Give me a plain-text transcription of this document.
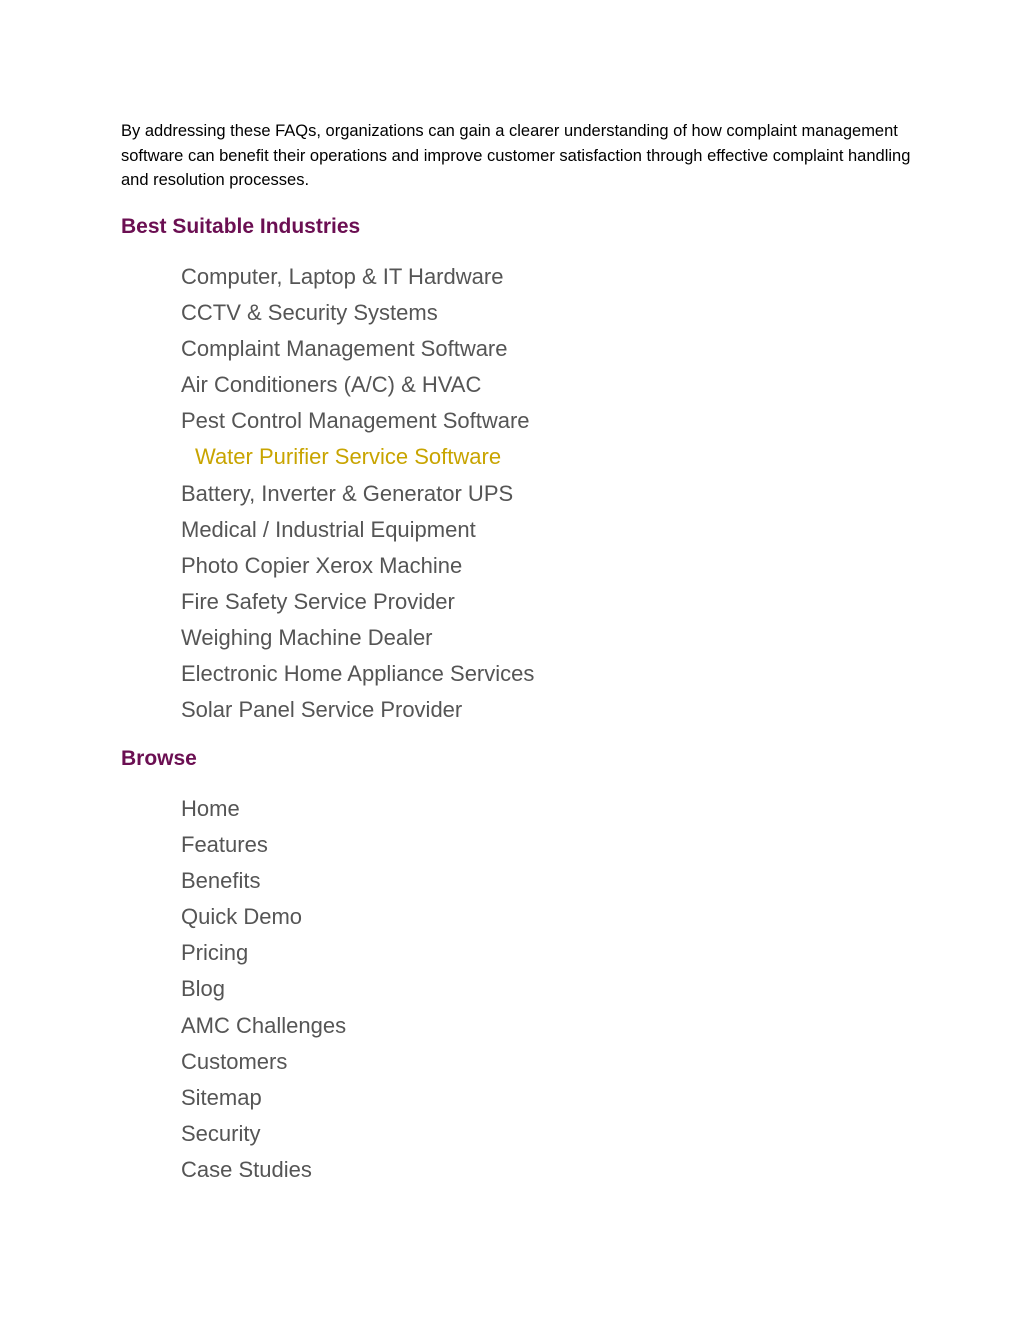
By addressing these FAQs, organizations can gain a clearer understanding of how complaint management software can benefit their operations and improve customer satisfaction through effective complaint handling and resolution processes.

Best Suitable Industries
Computer, Laptop & IT Hardware
CCTV & Security Systems
Complaint Management Software
Air Conditioners (A/C) & HVAC
Pest Control Management Software
Water Purifier Service Software
Battery, Inverter & Generator UPS
Medical / Industrial Equipment
Photo Copier Xerox Machine
Fire Safety Service Provider
Weighing Machine Dealer
Electronic Home Appliance Services
Solar Panel Service Provider
Browse
Home
Features
Benefits
Quick Demo
Pricing
Blog
AMC Challenges
Customers
Sitemap
Security
Case Studies
